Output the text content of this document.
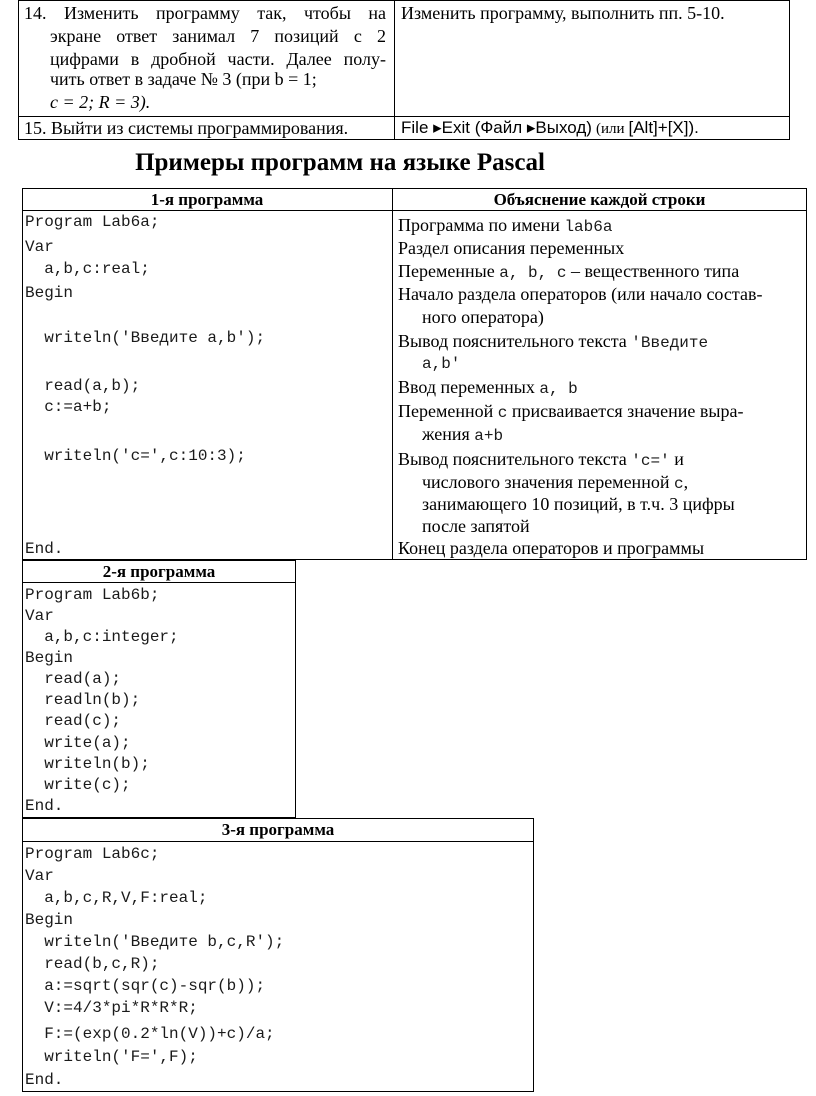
14. Изменить программу так, чтобы на
экране ответ занимал 7 позиций с 2
цифрами в дробной части. Далее полу-
чить ответ в задаче № 3 (при b = 1;
c = 2; R = 3).
Изменить программу, выполнить пп. 5-10.
15. Выйти из системы программирования.	File ▸Exit (Файл ▸Выход) (или [Alt]+[X]).
Примеры программ на языке Pascal
1-я программа	Объяснение каждой строки
Program Lab6a;
Var
a,b,c:real;
Begin
writeln('Введите a,b');
read(a,b);
c:=a+b;
writeln('c=',c:10:3);
End.
Программа по имени lab6a
Раздел описания переменных
Переменные a, b, c – вещественного типа
Начало раздела операторов (или начало состав-
ного оператора)
Вывод пояснительного текста 'Введите
a,b'
Ввод переменных a, b
Переменной c присваивается значение выра-
жения a+b
Вывод пояснительного текста 'c=' и
числового значения переменной c,
занимающего 10 позиций, в т.ч. 3 цифры
после запятой
Конец раздела операторов и программы
2-я программа
Program Lab6b;
Var
a,b,c:integer;
Begin
read(a);
readln(b);
read(c);
write(a);
writeln(b);
write(c);
End.
3-я программа
Program Lab6c;
Var
a,b,c,R,V,F:real;
Begin
writeln('Введите b,c,R');
read(b,c,R);
a:=sqrt(sqr(c)-sqr(b));
V:=4/3*pi*R*R*R;
F:=(exp(0.2*ln(V))+c)/a;
writeln('F=',F);
End.
